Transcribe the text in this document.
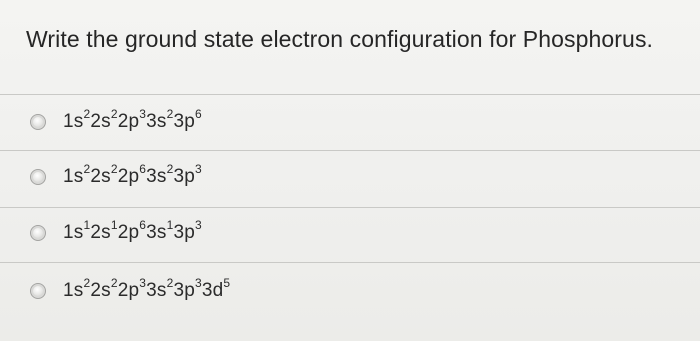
Write the ground state electron configuration for Phosphorus.
$1s^22s^22p^33s^23p^6$
$1s^22s^22p^63s^23p^3$
$1s^12s^12p^63s^13p^3$
$1s^22s^22p^33s^23p^33d^5$
